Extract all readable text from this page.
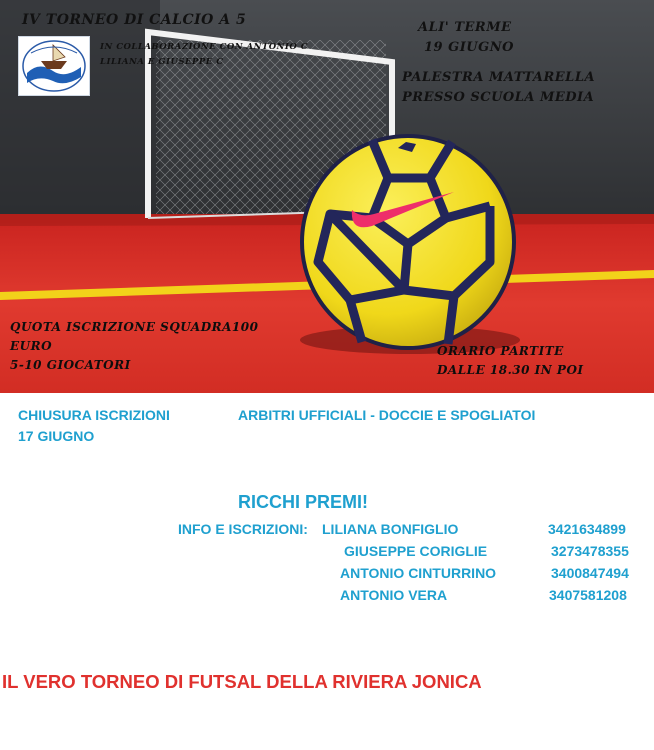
IV TORNEO DI CALCIO A 5
IN COLLABORAZIONE CON ANTONIO C
LILIANA E GIUSEPPE C
ALI' TERME
19 GIUGNO
PALESTRA MATTARELLA
PRESSO SCUOLA MEDIA
QUOTA ISCRIZIONE SQUADRA100
EURO
5-10 GIOCATORI
ORARIO PARTITE
DALLE 18.30 IN POI
CHIUSURA ISCRIZIONI
17 GIUGNO
ARBITRI UFFICIALI - DOCCIE E SPOGLIATOI
RICCHI PREMI!
INFO E ISCRIZIONI: LILIANA BONFIGLIO	3421634899
GIUSEPPE CORIGLIE	3273478355
ANTONIO CINTURRINO	3400847494
ANTONIO VERA	3407581208
IL VERO TORNEO DI FUTSAL DELLA RIVIERA JONICA
